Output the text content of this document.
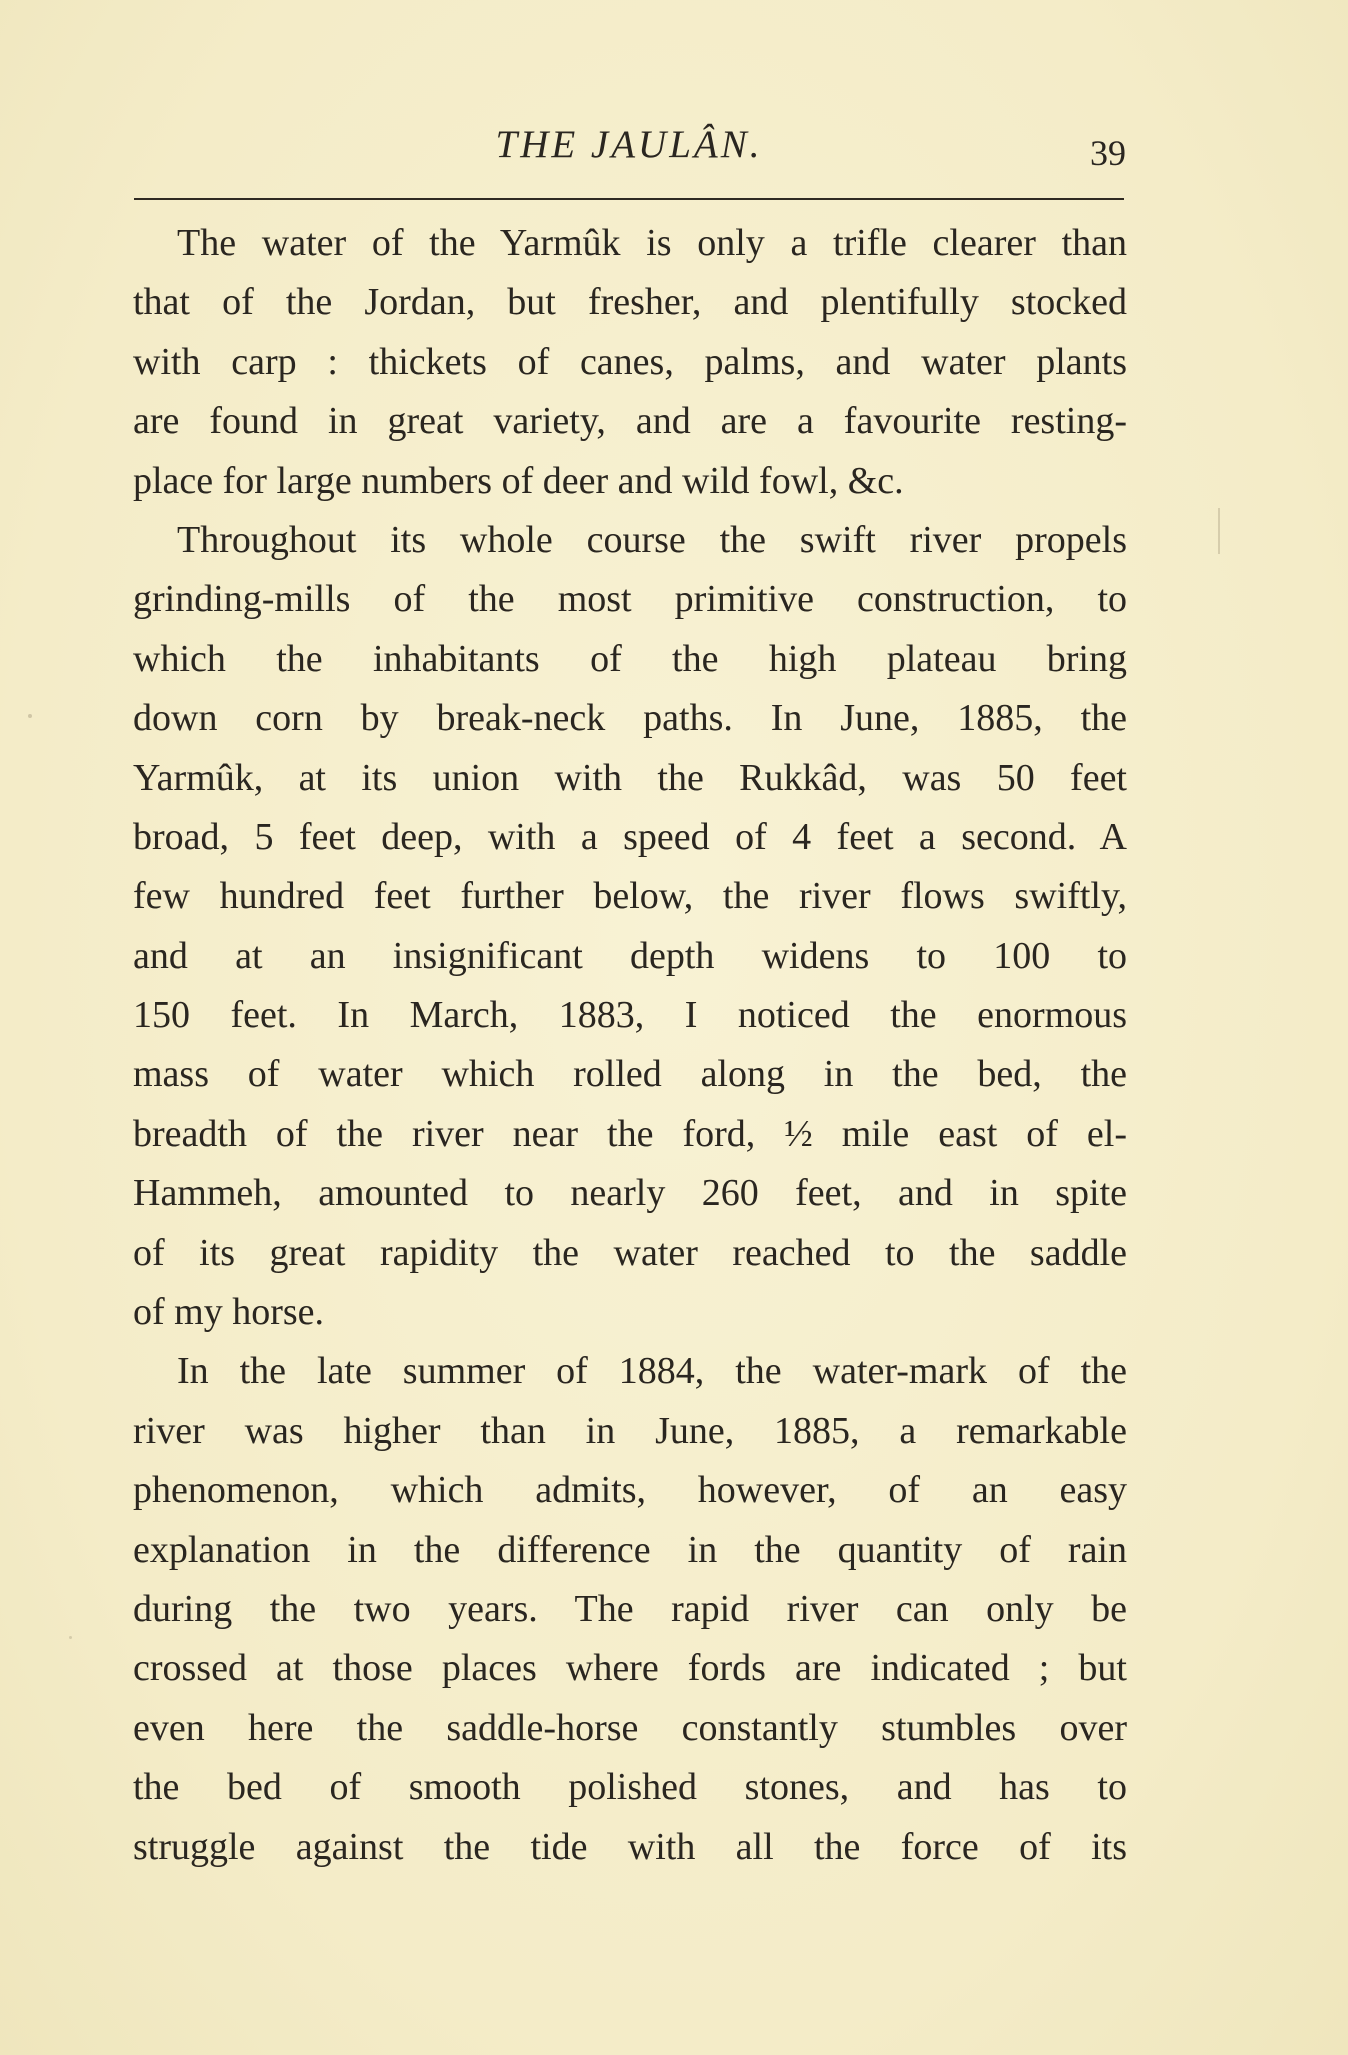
THE JAULÂN.	39
The water of the Yarmûk is only a trifle clearer than
that of the Jordan, but fresher, and plentifully stocked
with carp : thickets of canes, palms, and water plants
are found in great variety, and are a favourite resting-
place for large numbers of deer and wild fowl, &c.
Throughout its whole course the swift river propels
grinding-mills of the most primitive construction, to
which the inhabitants of the high plateau bring
down corn by break-neck paths. In June, 1885, the
Yarmûk, at its union with the Rukkâd, was 50 feet
broad, 5 feet deep, with a speed of 4 feet a second. A
few hundred feet further below, the river flows swiftly,
and at an insignificant depth widens to 100 to
150 feet. In March, 1883, I noticed the enormous
mass of water which rolled along in the bed, the
breadth of the river near the ford, ½ mile east of el-
Hammeh, amounted to nearly 260 feet, and in spite
of its great rapidity the water reached to the saddle
of my horse.
In the late summer of 1884, the water-mark of the
river was higher than in June, 1885, a remarkable
phenomenon, which admits, however, of an easy
explanation in the difference in the quantity of rain
during the two years. The rapid river can only be
crossed at those places where fords are indicated ; but
even here the saddle-horse constantly stumbles over
the bed of smooth polished stones, and has to
struggle against the tide with all the force of its
